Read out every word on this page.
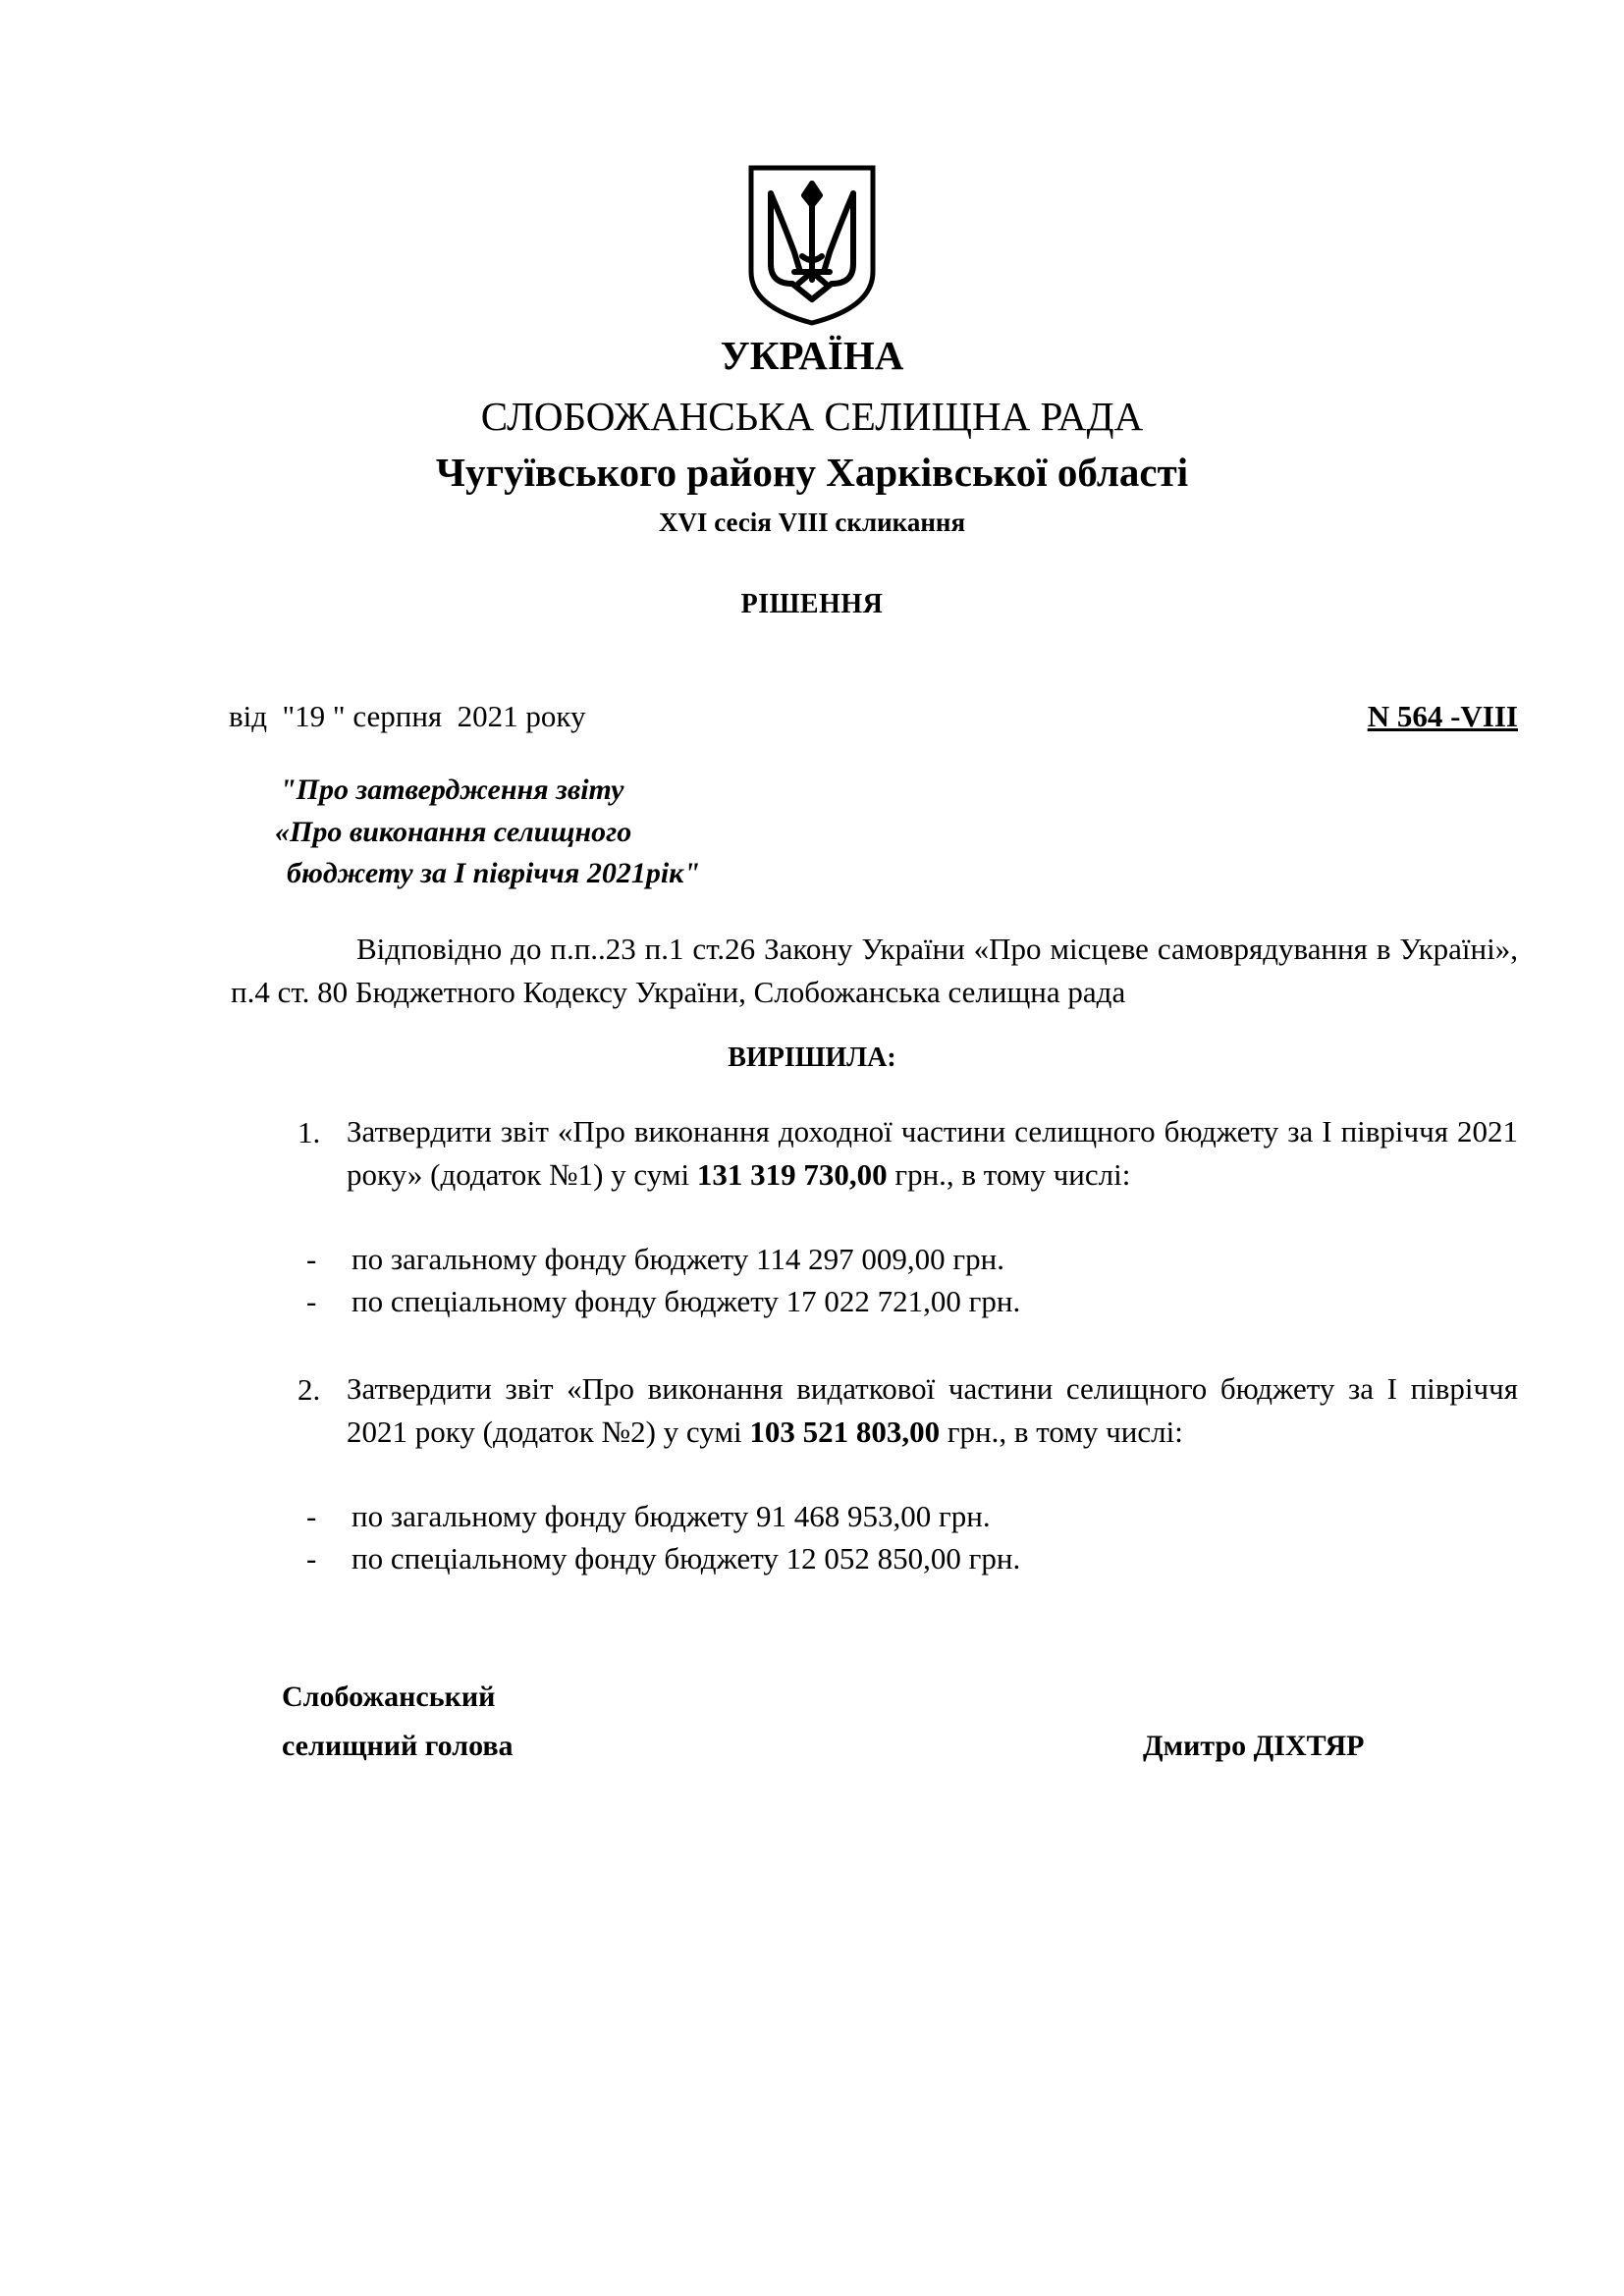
УКРАЇНА
СЛОБОЖАНСЬКА СЕЛИЩНА РАДА
Чугуївського району Харківської області
XVI сесія VIII скликання
РІШЕННЯ
від  "19 " серпня  2021 року	N 564 -VIII
"Про затвердження звіту
«Про виконання селищного
бюджету за І півріччя 2021рік"
Відповідно до п.п..23 п.1 ст.26 Закону України «Про місцеве самоврядування в Україні», п.4 ст. 80 Бюджетного Кодексу України, Слобожанська селищна рада
ВИРІШИЛА:
1. Затвердити звіт «Про виконання доходної частини селищного бюджету за І півріччя 2021 року» (додаток №1) у сумі 131 319 730,00 грн., в тому числі:
- по загальному фонду бюджету 114 297 009,00 грн.
- по спеціальному фонду бюджету 17 022 721,00 грн.
2. Затвердити звіт «Про виконання видаткової частини селищного бюджету за І півріччя 2021 року (додаток №2) у сумі 103 521 803,00 грн., в тому числі:
- по загальному фонду бюджету 91 468 953,00 грн.
- по спеціальному фонду бюджету 12 052 850,00 грн.
Слобожанський
селищний голова	Дмитро ДІХТЯР
